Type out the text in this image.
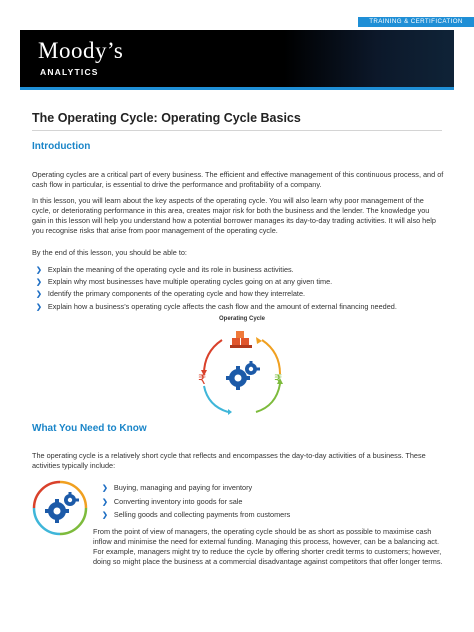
TRAINING & CERTIFICATION
Moody’s
ANALYTICS
The Operating Cycle: Operating Cycle Basics
Introduction

Operating cycles are a critical part of every business. The efficient and effective management of this continuous process, and of cash flow in particular, is essential to drive the performance and profitability of a company.

In this lesson, you will learn about the key aspects of the operating cycle. You will also learn why poor management of the cycle, or deteriorating performance in this area, creates major risk for both the business and the lender. The knowledge you gain in this lesson will help you understand how a potential borrower manages its day-to-day trading activities. It will also help you recognise risks that arise from poor management of the operating cycle.

By the end of this lesson, you should be able to:

❯ Explain the meaning of the operating cycle and its role in business activities.
❯ Explain why most businesses have multiple operating cycles going on at any given time.
❯ Identify the primary components of the operating cycle and how they interrelate.
❯ Explain how a business’s operating cycle affects the cash flow and the amount of external financing needed.
Operating Cycle
₹	₹
What You Need to Know

The operating cycle is a relatively short cycle that reflects and encompasses the day-to-day activities of a business. These activities typically include:

❯ Buying, managing and paying for inventory
❯ Converting inventory into goods for sale
❯ Selling goods and collecting payments from customers

From the point of view of managers, the operating cycle should be as short as possible to maximise cash inflow and minimise the need for external funding. Managing this process, however, can be a balancing act. For example, managers might try to reduce the cycle by offering shorter credit terms to customers; however, doing so might place the business at a commercial disadvantage against competitors that offer longer terms.
